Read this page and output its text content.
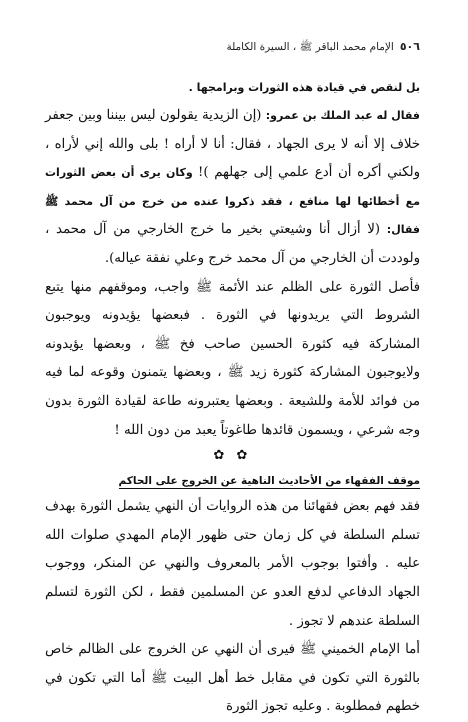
٥٠٦
الإمام محمد الباقر ﷺ ، السيرة الكاملة

بل لنقص في قيادة هذه الثورات وبرامجها .

فقال له عبد الملك بن عمرو: (إن الزيدية يقولون ليس بيننا وبين جعفر خلاف إلا أنه لا يرى الجهاد ، فقال: أنا لا أراه ! بلى والله إني لأراه ، ولكني أكره أن أدع علمي إلى جهلهم )! وكان يرى أن بعض الثورات مع أخطائها لها منافع ، فقد ذكروا عنده من خرج من آل محمد ﷺ فقال: (لا أزال أنا وشيعتي بخير ما خرج الخارجي من آل محمد ، ولوددت أن الخارجي من آل محمد خرج وعلي نفقة عياله).

فأصل الثورة على الظلم عند الأئمة ﷺ واجب، وموقفهم منها يتبع الشروط التي يريدونها في الثورة . فبعضها يؤيدونه ويوجبون المشاركة فيه كثورة الحسين صاحب فخ ﷺ ، وبعضها يؤيدونه ولايوجبون المشاركة كثورة زيد ﷺ ، وبعضها يتمنون وقوعه لما فيه من فوائد للأمة وللشيعة . وبعضها يعتبرونه طاعة لقيادة الثورة بدون وجه شرعي ، ويسمون قائدها طاغوتاً يعبد من دون الله !

✿ ✿

موقف الفقهاء من الأحاديث الناهية عن الخروج على الحاكم

فقد فهم بعض فقهائنا من هذه الروايات أن النهي يشمل الثورة بهدف تسلم السلطة في كل زمان حتى ظهور الإمام المهدي صلوات الله عليه . وأفتوا بوجوب الأمر بالمعروف والنهي عن المنكر، ووجوب الجهاد الدفاعي لدفع العدو عن المسلمين فقط ، لكن الثورة لتسلم السلطة عندهم لا تجوز .

أما الإمام الخميني ﷺ فيرى أن النهي عن الخروج على الظالم خاص بالثورة التي تكون في مقابل خط أهل البيت ﷺ أما التي تكون في خطهم فمطلوبة . وعليه تجوز الثورة
